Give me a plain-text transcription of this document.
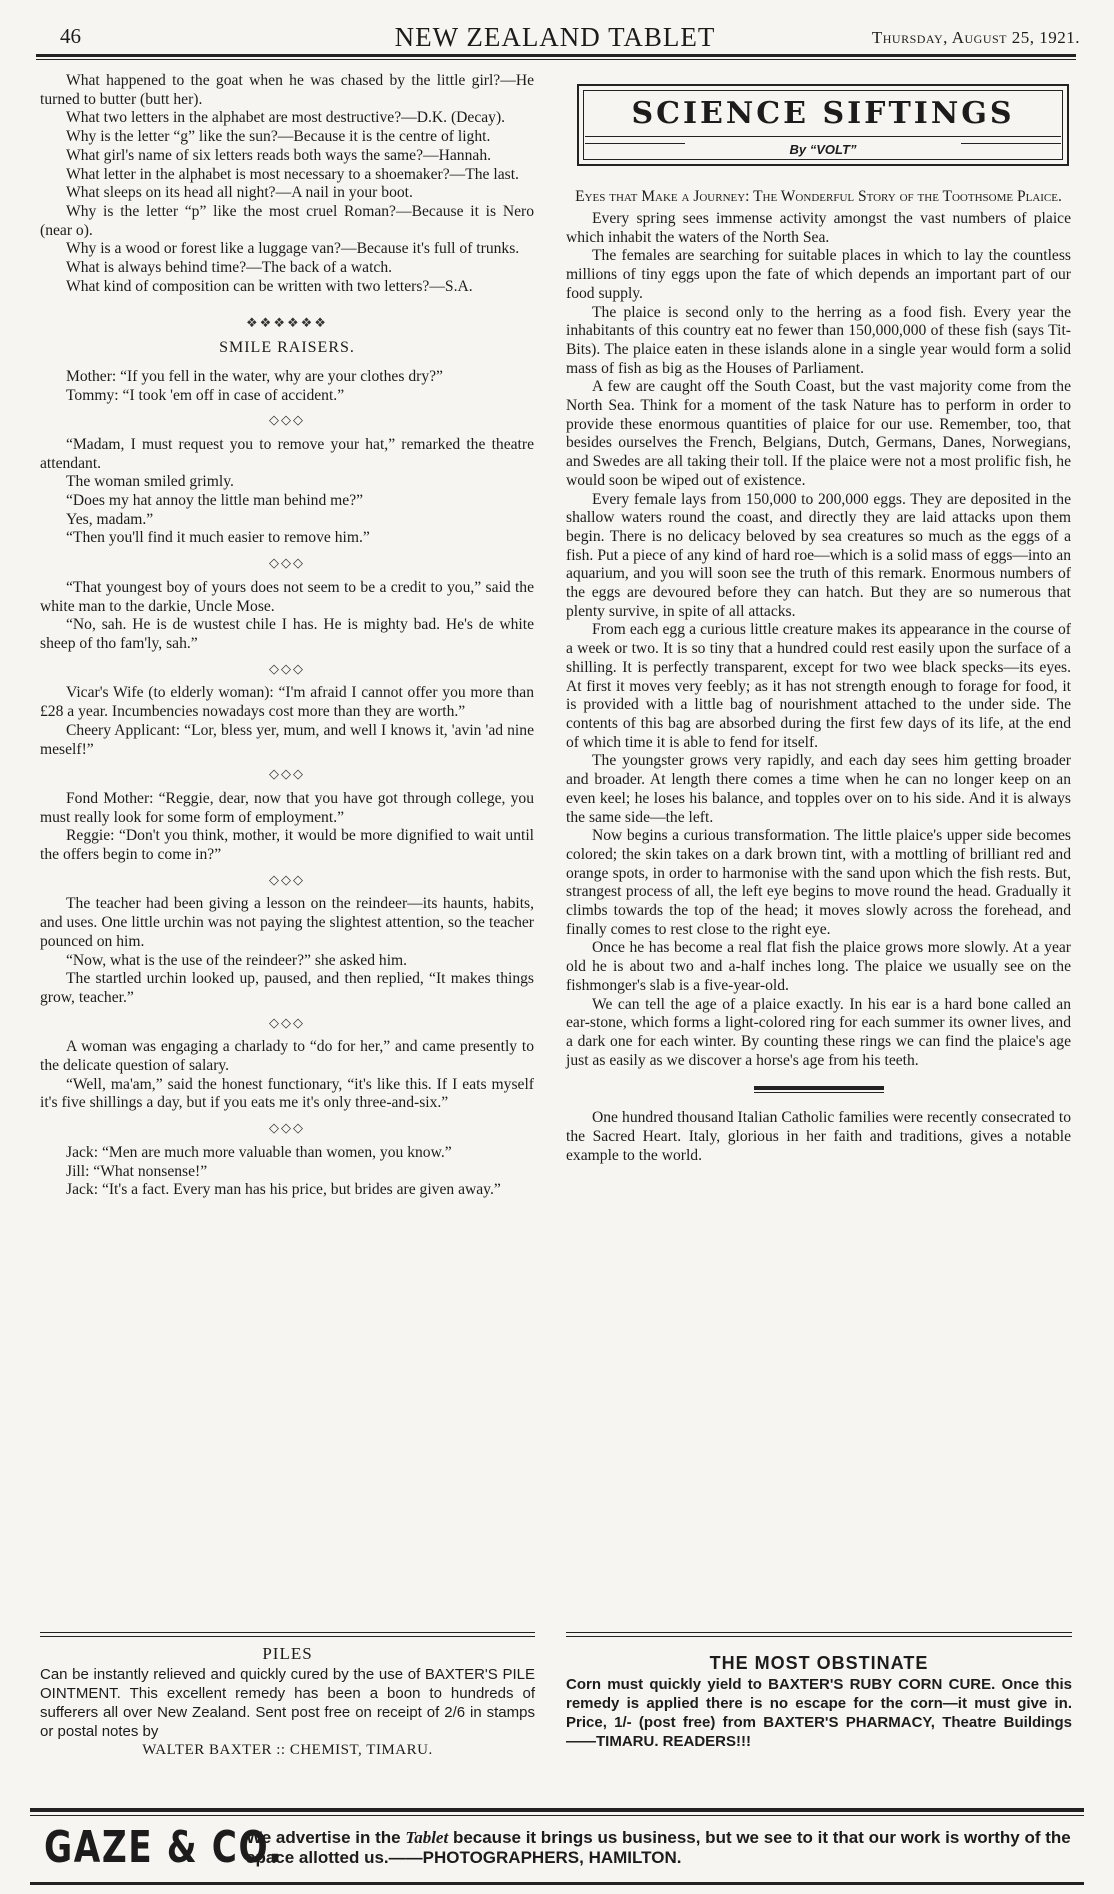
46	NEW ZEALAND TABLET	Thursday, August 25, 1921.

What happened to the goat when he was chased by the little girl?—He turned to butter (butt her).

What two letters in the alphabet are most destructive?—D.K. (Decay).

Why is the letter “g” like the sun?—Because it is the centre of light.

What girl's name of six letters reads both ways the same?—Hannah.

What letter in the alphabet is most necessary to a shoemaker?—The last.

What sleeps on its head all night?—A nail in your boot.

Why is the letter “p” like the most cruel Roman?—Because it is Nero (near o).

Why is a wood or forest like a luggage van?—Because it's full of trunks.

What is always behind time?—The back of a watch.

What kind of composition can be written with two letters?—S.A.

❖❖❖❖❖❖
SMILE RAISERS.

Mother: “If you fell in the water, why are your clothes dry?”

Tommy: “I took 'em off in case of accident.”

◇◇◇

“Madam, I must request you to remove your hat,” remarked the theatre attendant.

The woman smiled grimly.

“Does my hat annoy the little man behind me?”

Yes, madam.”

“Then you'll find it much easier to remove him.”

◇◇◇

“That youngest boy of yours does not seem to be a credit to you,” said the white man to the darkie, Uncle Mose.

“No, sah. He is de wustest chile I has. He is mighty bad. He's de white sheep of tho fam'ly, sah.”

◇◇◇

Vicar's Wife (to elderly woman): “I'm afraid I cannot offer you more than £28 a year. Incumbencies nowadays cost more than they are worth.”

Cheery Applicant: “Lor, bless yer, mum, and well I knows it, 'avin 'ad nine meself!”

◇◇◇

Fond Mother: “Reggie, dear, now that you have got through college, you must really look for some form of employment.”

Reggie: “Don't you think, mother, it would be more dignified to wait until the offers begin to come in?”

◇◇◇

The teacher had been giving a lesson on the reindeer—its haunts, habits, and uses. One little urchin was not paying the slightest attention, so the teacher pounced on him.

“Now, what is the use of the reindeer?” she asked him.

The startled urchin looked up, paused, and then replied, “It makes things grow, teacher.”

◇◇◇

A woman was engaging a charlady to “do for her,” and came presently to the delicate question of salary.

“Well, ma'am,” said the honest functionary, “it's like this. If I eats myself it's five shillings a day, but if you eats me it's only three-and-six.”

◇◇◇

Jack: “Men are much more valuable than women, you know.”

Jill: “What nonsense!”

Jack: “It's a fact. Every man has his price, but brides are given away.”

SCIENCE SIFTINGS
By “VOLT”

Eyes that Make a Journey: The Wonderful Story of the Toothsome Plaice.

Every spring sees immense activity amongst the vast numbers of plaice which inhabit the waters of the North Sea.

The females are searching for suitable places in which to lay the countless millions of tiny eggs upon the fate of which depends an important part of our food supply.

The plaice is second only to the herring as a food fish. Every year the inhabitants of this country eat no fewer than 150,000,000 of these fish (says Tit-Bits). The plaice eaten in these islands alone in a single year would form a solid mass of fish as big as the Houses of Parliament.

A few are caught off the South Coast, but the vast majority come from the North Sea. Think for a moment of the task Nature has to perform in order to provide these enormous quantities of plaice for our use. Remember, too, that besides ourselves the French, Belgians, Dutch, Germans, Danes, Norwegians, and Swedes are all taking their toll. If the plaice were not a most prolific fish, he would soon be wiped out of existence.

Every female lays from 150,000 to 200,000 eggs. They are deposited in the shallow waters round the coast, and directly they are laid attacks upon them begin. There is no delicacy beloved by sea creatures so much as the eggs of a fish. Put a piece of any kind of hard roe—which is a solid mass of eggs—into an aquarium, and you will soon see the truth of this remark. Enormous numbers of the eggs are devoured before they can hatch. But they are so numerous that plenty survive, in spite of all attacks.

From each egg a curious little creature makes its appearance in the course of a week or two. It is so tiny that a hundred could rest easily upon the surface of a shilling. It is perfectly transparent, except for two wee black specks—its eyes. At first it moves very feebly; as it has not strength enough to forage for food, it is provided with a little bag of nourishment attached to the under side. The contents of this bag are absorbed during the first few days of its life, at the end of which time it is able to fend for itself.

The youngster grows very rapidly, and each day sees him getting broader and broader. At length there comes a time when he can no longer keep on an even keel; he loses his balance, and topples over on to his side. And it is always the same side—the left.

Now begins a curious transformation. The little plaice's upper side becomes colored; the skin takes on a dark brown tint, with a mottling of brilliant red and orange spots, in order to harmonise with the sand upon which the fish rests. But, strangest process of all, the left eye begins to move round the head. Gradually it climbs towards the top of the head; it moves slowly across the forehead, and finally comes to rest close to the right eye.

Once he has become a real flat fish the plaice grows more slowly. At a year old he is about two and a-half inches long. The plaice we usually see on the fishmonger's slab is a five-year-old.

We can tell the age of a plaice exactly. In his ear is a hard bone called an ear-stone, which forms a light-colored ring for each summer its owner lives, and a dark one for each winter. By counting these rings we can find the plaice's age just as easily as we discover a horse's age from his teeth.

One hundred thousand Italian Catholic families were recently consecrated to the Sacred Heart. Italy, glorious in her faith and traditions, gives a notable example to the world.

PILES
Can be instantly relieved and quickly cured by the use of BAXTER'S PILE OINTMENT. This excellent remedy has been a boon to hundreds of sufferers all over New Zealand. Sent post free on receipt of 2/6 in stamps or postal notes by
WALTER BAXTER :: CHEMIST, TIMARU.
THE MOST OBSTINATE
Corn must quickly yield to BAXTER'S RUBY CORN CURE. Once this remedy is applied there is no escape for the corn—it must give in. Price, 1/- (post free) from BAXTER'S PHARMACY, Theatre Buildings——TIMARU. READERS!!!
GAZE & CO.
We advertise in the Tablet because it brings us business, but we see to it that our work is worthy of the space allotted us.——PHOTOGRAPHERS, HAMILTON.
